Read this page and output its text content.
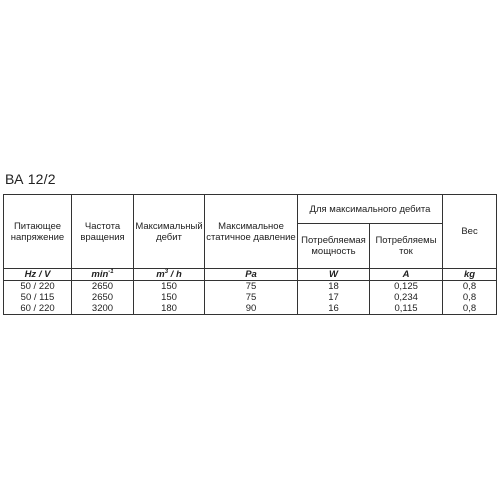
ВА 12/2
Питающее напряжение	Частота вращения	Максимальный дебит	Максимальное статичное давление	Для максимального дебита		Вес
				Потребляемая мощность	Потребляемы ток	
Hz / V	$\min^{-1}$	$m^3$ / h	Pa	W	A	kg
50 / 220	2650	150	75	18	0,125	0,8
50 / 115	2650	150	75	17	0,234	0,8
60 / 220	3200	180	90	16	0,115	0,8
